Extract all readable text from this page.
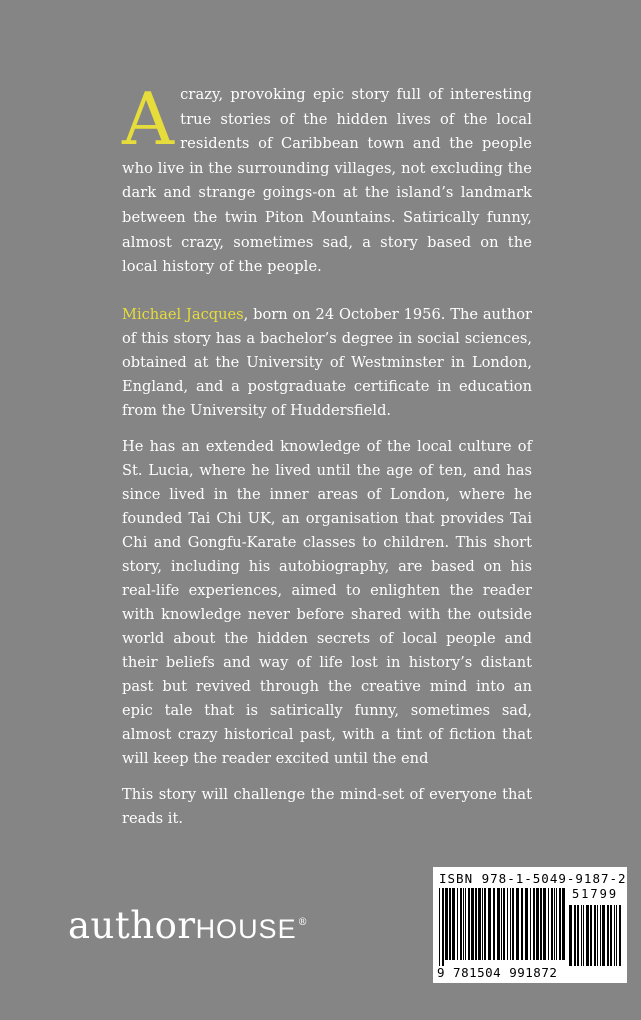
Acrazy, provoking epic story full of interesting true stories of the hidden lives of the local residents of Caribbean town and the people who live in the surrounding villages, not excluding the dark and strange goings-on at the island’s landmark between the twin Piton Mountains. Satirically funny, almost crazy, sometimes sad, a story based on the local history of the people.

Michael Jacques, born on 24 October 1956. The author of this story has a bachelor’s degree in social sciences, obtained at the University of Westminster in London, England, and a postgraduate certificate in education from the University of Huddersfield.

He has an extended knowledge of the local culture of St. Lucia, where he lived until the age of ten, and has since lived in the inner areas of London, where he founded Tai Chi UK, an organisation that provides Tai Chi and Gongfu-Karate classes to children. This short story, including his autobiography, are based on his real-life experiences, aimed to enlighten the reader with knowledge never before shared with the outside world about the hidden secrets of local people and their beliefs and way of life lost in history’s distant past but revived through the creative mind into an epic tale that is satirically funny, sometimes sad, almost crazy historical past, with a tint of fiction that will keep the reader excited until the end

This story will challenge the mind-set of everyone that reads it.

authorHOUSE®
ISBN 978-1-5049-9187-2
51799
9 781504 991872
